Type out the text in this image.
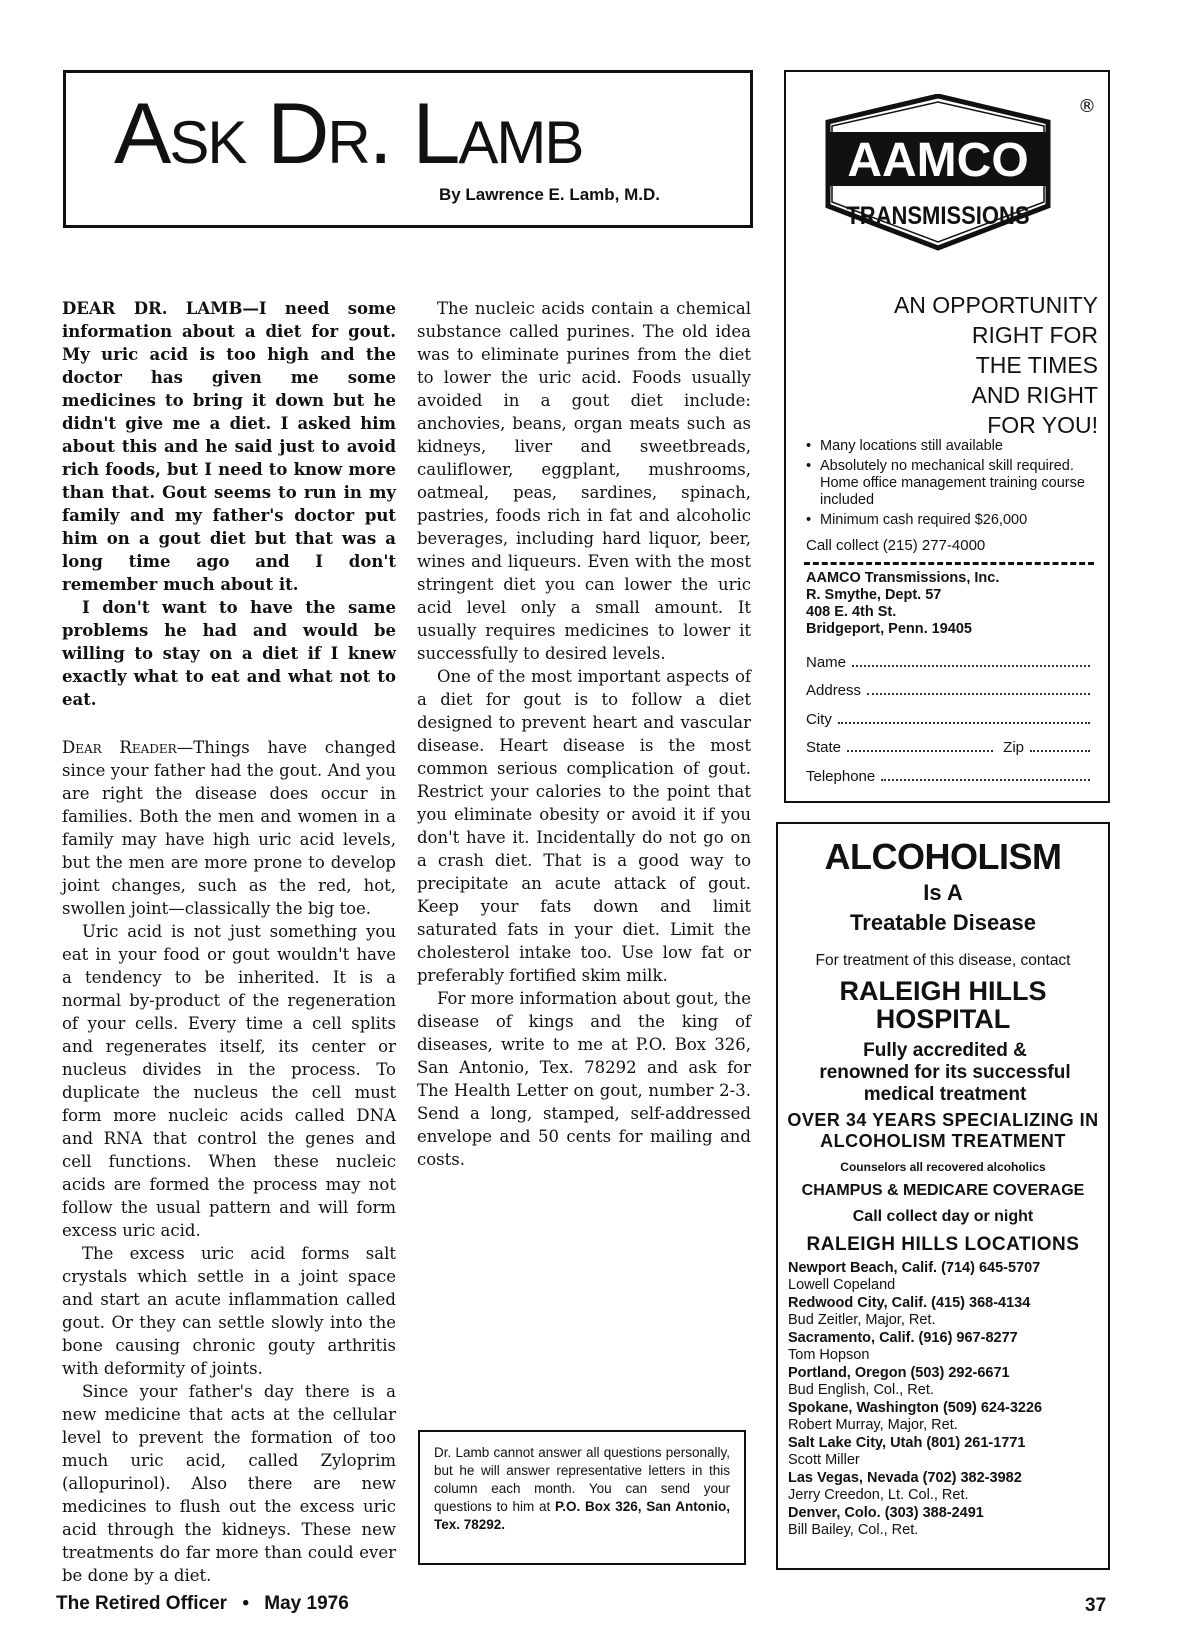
Ask Dr. Lamb
By Lawrence E. Lamb, M.D.

DEAR DR. LAMB—I need some information about a diet for gout. My uric acid is too high and the doctor has given me some medicines to bring it down but he didn't give me a diet. I asked him about this and he said just to avoid rich foods, but I need to know more than that. Gout seems to run in my family and my father's doctor put him on a gout diet but that was a long time ago and I don't remember much about it.

I don't want to have the same problems he had and would be willing to stay on a diet if I knew exactly what to eat and what not to eat.

Dear Reader—Things have changed since your father had the gout. And you are right the disease does occur in families. Both the men and women in a family may have high uric acid levels, but the men are more prone to develop joint changes, such as the red, hot, swollen joint—classically the big toe.

Uric acid is not just something you eat in your food or gout wouldn't have a tendency to be inherited. It is a normal by-product of the regeneration of your cells. Every time a cell splits and regenerates itself, its center or nucleus divides in the process. To duplicate the nucleus the cell must form more nucleic acids called DNA and RNA that control the genes and cell functions. When these nucleic acids are formed the process may not follow the usual pattern and will form excess uric acid.

The excess uric acid forms salt crystals which settle in a joint space and start an acute inflammation called gout. Or they can settle slowly into the bone causing chronic gouty arthritis with deformity of joints.

Since your father's day there is a new medicine that acts at the cellular level to prevent the formation of too much uric acid, called Zyloprim (allopurinol). Also there are new medicines to flush out the excess uric acid through the kidneys. These new treatments do far more than could ever be done by a diet.

The nucleic acids contain a chemical substance called purines. The old idea was to eliminate purines from the diet to lower the uric acid. Foods usually avoided in a gout diet include: anchovies, beans, organ meats such as kidneys, liver and sweetbreads, cauliflower, eggplant, mushrooms, oatmeal, peas, sardines, spinach, pastries, foods rich in fat and alcoholic beverages, including hard liquor, beer, wines and liqueurs. Even with the most stringent diet you can lower the uric acid level only a small amount. It usually requires medicines to lower it successfully to desired levels.

One of the most important aspects of a diet for gout is to follow a diet designed to prevent heart and vascular disease. Heart disease is the most common serious complication of gout. Restrict your calories to the point that you eliminate obesity or avoid it if you don't have it. Incidentally do not go on a crash diet. That is a good way to precipitate an acute attack of gout. Keep your fats down and limit saturated fats in your diet. Limit the cholesterol intake too. Use low fat or preferably fortified skim milk.

For more information about gout, the disease of kings and the king of diseases, write to me at P.O. Box 326, San Antonio, Tex. 78292 and ask for The Health Letter on gout, number 2-3. Send a long, stamped, self-addressed envelope and 50 cents for mailing and costs.

Dr. Lamb cannot answer all questions personally, but he will answer representative letters in this column each month. You can send your questions to him at P.O. Box 326, San Antonio, Tex. 78292.
AAMCO
TRANSMISSIONS
®
AN OPPORTUNITY
RIGHT FOR
THE TIMES
AND RIGHT
FOR YOU!
• Many locations still available
• Absolutely no mechanical skill required. Home office management training course included
• Minimum cash required $26,000
Call collect (215) 277-4000
AAMCO Transmissions, Inc.
R. Smythe, Dept. 57
408 E. 4th St.
Bridgeport, Penn. 19405
Name
Address
City
State	Zip
Telephone
ALCOHOLISM
Is A
Treatable Disease
For treatment of this disease, contact
RALEIGH HILLS
HOSPITAL
Fully accredited & renowned for its successful medical treatment
OVER 34 YEARS SPECIALIZING IN ALCOHOLISM TREATMENT
Counselors all recovered alcoholics
CHAMPUS & MEDICARE COVERAGE
Call collect day or night
RALEIGH HILLS LOCATIONS
Newport Beach, Calif. (714) 645-5707
Lowell Copeland
Redwood City, Calif. (415) 368-4134
Bud Zeitler, Major, Ret.
Sacramento, Calif. (916) 967-8277
Tom Hopson
Portland, Oregon (503) 292-6671
Bud English, Col., Ret.
Spokane, Washington (509) 624-3226
Robert Murray, Major, Ret.
Salt Lake City, Utah (801) 261-1771
Scott Miller
Las Vegas, Nevada (702) 382-3982
Jerry Creedon, Lt. Col., Ret.
Denver, Colo. (303) 388-2491
Bill Bailey, Col., Ret.
The Retired Officer • May 1976	37
